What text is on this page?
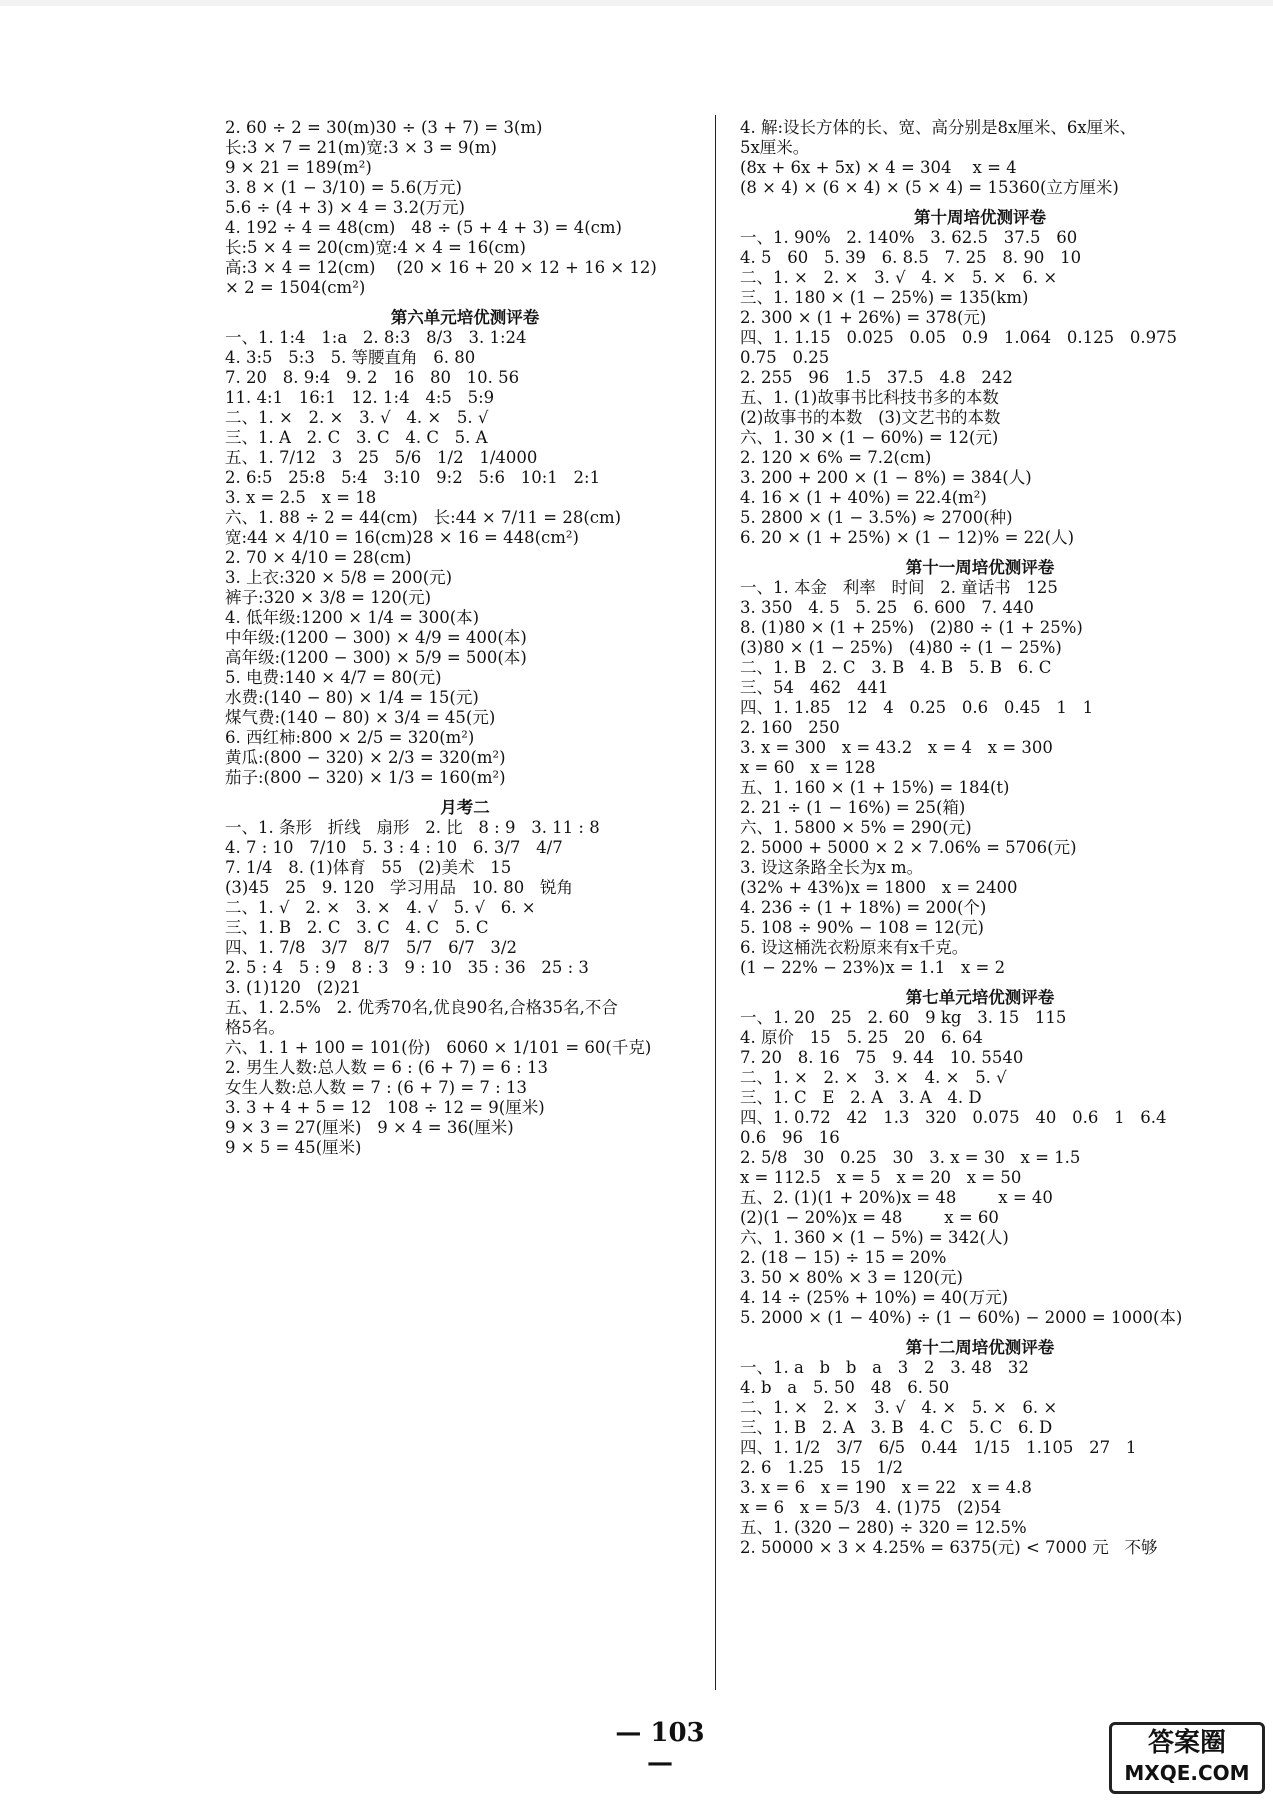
2. 60 ÷ 2 = 30(m)30 ÷ (3 + 7) = 3(m)
长:3 × 7 = 21(m)宽:3 × 3 = 9(m)
9 × 21 = 189(m²)
3. 8 × (1 − 3/10) = 5.6(万元)
5.6 ÷ (4 + 3) × 4 = 3.2(万元)
4. 192 ÷ 4 = 48(cm)   48 ÷ (5 + 4 + 3) = 4(cm)
长:5 × 4 = 20(cm)宽:4 × 4 = 16(cm)
高:3 × 4 = 12(cm)    (20 × 16 + 20 × 12 + 16 × 12)
× 2 = 1504(cm²)
第六单元培优测评卷
一、1. 1:4   1:a   2. 8:3   8/3   3. 1:24
4. 3:5   5:3   5. 等腰直角   6. 80
7. 20   8. 9:4   9. 2   16   80   10. 56
11. 4:1   16:1   12. 1:4   4:5   5:9
二、1. ×   2. ×   3. √   4. ×   5. √
三、1. A   2. C   3. C   4. C   5. A
五、1. 7/12   3   25   5/6   1/2   1/4000
2. 6:5   25:8   5:4   3:10   9:2   5:6   10:1   2:1
3. x = 2.5   x = 18
六、1. 88 ÷ 2 = 44(cm)   长:44 × 7/11 = 28(cm)
宽:44 × 4/10 = 16(cm)28 × 16 = 448(cm²)
2. 70 × 4/10 = 28(cm)
3. 上衣:320 × 5/8 = 200(元)
裤子:320 × 3/8 = 120(元)
4. 低年级:1200 × 1/4 = 300(本)
中年级:(1200 − 300) × 4/9 = 400(本)
高年级:(1200 − 300) × 5/9 = 500(本)
5. 电费:140 × 4/7 = 80(元)
水费:(140 − 80) × 1/4 = 15(元)
煤气费:(140 − 80) × 3/4 = 45(元)
6. 西红柿:800 × 2/5 = 320(m²)
黄瓜:(800 − 320) × 2/3 = 320(m²)
茄子:(800 − 320) × 1/3 = 160(m²)
月考二
一、1. 条形   折线   扇形   2. 比   8 : 9   3. 11 : 8
4. 7 : 10   7/10   5. 3 : 4 : 10   6. 3/7   4/7
7. 1/4   8. (1)体育   55   (2)美术   15
(3)45   25   9. 120   学习用品   10. 80   锐角
二、1. √   2. ×   3. ×   4. √   5. √   6. ×
三、1. B   2. C   3. C   4. C   5. C
四、1. 7/8   3/7   8/7   5/7   6/7   3/2
2. 5 : 4   5 : 9   8 : 3   9 : 10   35 : 36   25 : 3
3. (1)120   (2)21
五、1. 2.5%   2. 优秀70名,优良90名,合格35名,不合
格5名。
六、1. 1 + 100 = 101(份)   6060 × 1/101 = 60(千克)
2. 男生人数:总人数 = 6 : (6 + 7) = 6 : 13
女生人数:总人数 = 7 : (6 + 7) = 7 : 13
3. 3 + 4 + 5 = 12   108 ÷ 12 = 9(厘米)
9 × 3 = 27(厘米)   9 × 4 = 36(厘米)
9 × 5 = 45(厘米)
4. 解:设长方体的长、宽、高分别是8x厘米、6x厘米、
5x厘米。
(8x + 6x + 5x) × 4 = 304    x = 4
(8 × 4) × (6 × 4) × (5 × 4) = 15360(立方厘米)
第十周培优测评卷
一、1. 90%   2. 140%   3. 62.5   37.5   60
4. 5   60   5. 39   6. 8.5   7. 25   8. 90   10
二、1. ×   2. ×   3. √   4. ×   5. ×   6. ×
三、1. 180 × (1 − 25%) = 135(km)
2. 300 × (1 + 26%) = 378(元)
四、1. 1.15   0.025   0.05   0.9   1.064   0.125   0.975
0.75   0.25
2. 255   96   1.5   37.5   4.8   242
五、1. (1)故事书比科技书多的本数
(2)故事书的本数   (3)文艺书的本数
六、1. 30 × (1 − 60%) = 12(元)
2. 120 × 6% = 7.2(cm)
3. 200 + 200 × (1 − 8%) = 384(人)
4. 16 × (1 + 40%) = 22.4(m²)
5. 2800 × (1 − 3.5%) ≈ 2700(种)
6. 20 × (1 + 25%) × (1 − 12)% = 22(人)
第十一周培优测评卷
一、1. 本金   利率   时间   2. 童话书   125
3. 350   4. 5   5. 25   6. 600   7. 440
8. (1)80 × (1 + 25%)   (2)80 ÷ (1 + 25%)
(3)80 × (1 − 25%)   (4)80 ÷ (1 − 25%)
二、1. B   2. C   3. B   4. B   5. B   6. C
三、54   462   441
四、1. 1.85   12   4   0.25   0.6   0.45   1   1
2. 160   250
3. x = 300   x = 43.2   x = 4   x = 300
x = 60   x = 128
五、1. 160 × (1 + 15%) = 184(t)
2. 21 ÷ (1 − 16%) = 25(箱)
六、1. 5800 × 5% = 290(元)
2. 5000 + 5000 × 2 × 7.06% = 5706(元)
3. 设这条路全长为x m。
(32% + 43%)x = 1800   x = 2400
4. 236 ÷ (1 + 18%) = 200(个)
5. 108 ÷ 90% − 108 = 12(元)
6. 设这桶洗衣粉原来有x千克。
(1 − 22% − 23%)x = 1.1   x = 2
第七单元培优测评卷
一、1. 20   25   2. 60   9 kg   3. 15   115
4. 原价   15   5. 25   20   6. 64
7. 20   8. 16   75   9. 44   10. 5540
二、1. ×   2. ×   3. ×   4. ×   5. √
三、1. C   E   2. A   3. A   4. D
四、1. 0.72   42   1.3   320   0.075   40   0.6   1   6.4
0.6   96   16
2. 5/8   30   0.25   30   3. x = 30   x = 1.5
x = 112.5   x = 5   x = 20   x = 50
五、2. (1)(1 + 20%)x = 48        x = 40
(2)(1 − 20%)x = 48        x = 60
六、1. 360 × (1 − 5%) = 342(人)
2. (18 − 15) ÷ 15 = 20%
3. 50 × 80% × 3 = 120(元)
4. 14 ÷ (25% + 10%) = 40(万元)
5. 2000 × (1 − 40%) ÷ (1 − 60%) − 2000 = 1000(本)
第十二周培优测评卷
一、1. a   b   b   a   3   2   3. 48   32
4. b   a   5. 50   48   6. 50
二、1. ×   2. ×   3. √   4. ×   5. ×   6. ×
三、1. B   2. A   3. B   4. C   5. C   6. D
四、1. 1/2   3/7   6/5   0.44   1/15   1.105   27   1
2. 6   1.25   15   1/2
3. x = 6   x = 190   x = 22   x = 4.8
x = 6   x = 5/3   4. (1)75   (2)54
五、1. (320 − 280) ÷ 320 = 12.5%
2. 50000 × 3 × 4.25% = 6375(元) < 7000 元   不够
— 103 —
答案圈
MXQE.COM
